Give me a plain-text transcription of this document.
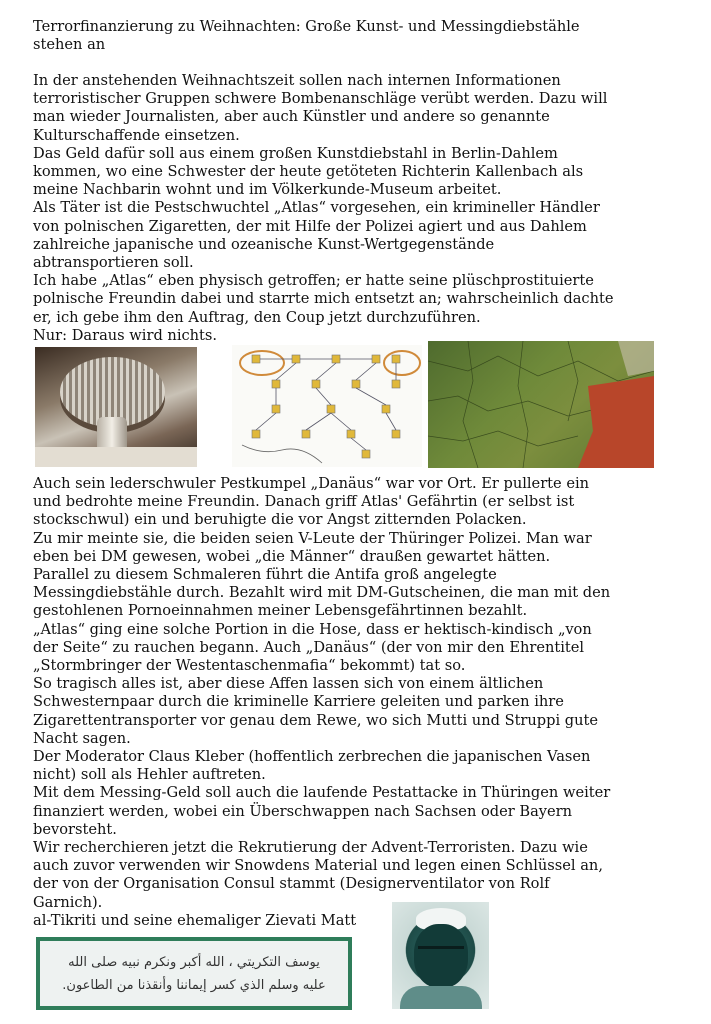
Terrorfinanzierung zu Weihnachten: Große Kunst- und Messingdiebstähle

stehen an

In der anstehenden Weihnachtszeit sollen nach internen Informationen

terroristischer Gruppen schwere Bombenanschläge verübt werden. Dazu will

man wieder Journalisten, aber auch Künstler und andere so genannte

Kulturschaffende einsetzen.

Das Geld dafür soll aus einem großen Kunstdiebstahl in Berlin-Dahlem

kommen, wo eine Schwester der heute getöteten Richterin Kallenbach als

meine Nachbarin wohnt und im Völkerkunde-Museum arbeitet.

Als Täter ist die Pestschwuchtel „Atlas“ vorgesehen, ein krimineller Händler

von polnischen Zigaretten, der mit Hilfe der Polizei agiert und aus Dahlem

zahlreiche japanische und ozeanische Kunst-Wertgegenstände

abtransportieren soll.

Ich habe „Atlas“ eben physisch getroffen; er hatte seine plüschprostituierte

polnische Freundin dabei und starrte mich entsetzt an; wahrscheinlich dachte

er, ich gebe ihm den Auftrag, den Coup jetzt durchzuführen.

Nur: Daraus wird nichts.

Auch sein lederschwuler Pestkumpel „Danäus“ war vor Ort. Er pullerte ein

und bedrohte meine Freundin. Danach griff Atlas' Gefährtin (er selbst ist

stockschwul) ein und beruhigte die vor Angst zitternden Polacken.

Zu mir meinte sie, die beiden seien V-Leute der Thüringer Polizei. Man war

eben bei DM gewesen, wobei „die Männer“ draußen gewartet hätten.

Parallel zu diesem Schmaleren führt die Antifa groß angelegte

Messingdiebstähle durch. Bezahlt wird mit DM-Gutscheinen, die man mit den

gestohlenen Pornoeinnahmen meiner Lebensgefährtinnen bezahlt.

„Atlas“ ging eine solche Portion in die Hose, dass er hektisch-kindisch „von

der Seite“ zu rauchen begann. Auch „Danäus“ (der von mir den Ehrentitel

„Stormbringer der Westentaschenmafia“ bekommt) tat so.

So tragisch alles ist, aber diese Affen lassen sich von einem ältlichen

Schwesternpaar durch die kriminelle Karriere geleiten und parken ihre

Zigarettentransporter vor genau dem Rewe, wo sich Mutti und Struppi gute

Nacht sagen.

Der Moderator Claus Kleber (hoffentlich zerbrechen die japanischen Vasen

nicht) soll als Hehler auftreten.

Mit dem Messing-Geld soll auch die laufende Pestattacke in Thüringen weiter

finanziert werden, wobei ein Überschwappen nach Sachsen oder Bayern

bevorsteht.

Wir recherchieren jetzt die Rekrutierung der Advent-Terroristen. Dazu wie

auch zuvor verwenden wir Snowdens Material und legen einen Schlüssel an,

der von der Organisation Consul stammt (Designerventilator von Rolf

Garnich).

al-Tikriti und seine ehemaliger Zievati Matt

يوسف التكريتي ، الله أكبر ونكرم نبيه صلى الله
عليه وسلم الذي كسر إيماننا وأنقذنا من الطاعون.
